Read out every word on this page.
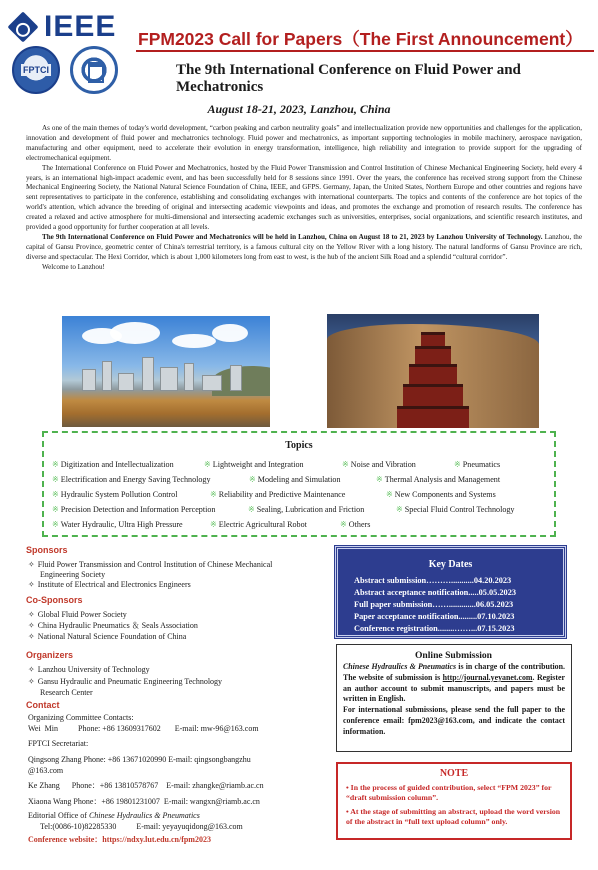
IEEE
FPTCI
FPM2023 Call for Papers（The First Announcement）
The 9th International Conference on Fluid Power and Mechatronics
August 18-21, 2023, Lanzhou, China

As one of the main themes of today's world development, “carbon peaking and carbon neutrality goals” and intellectualization provide new opportunities and challenges for the application, innovation and development of fluid power and mechatronics technology. Fluid power and mechatronics, as important supporting technologies in mobile machinery, aerospace navigation, manufacturing and other equipment, need to accelerate their evolution in energy transformation, intelligence, high reliability and integration to provide support for the upgrading of electromechanical equipment.

The International Conference on Fluid Power and Mechatronics, hosted by the Fluid Power Transmission and Control Institution of Chinese Mechanical Engineering Society, held every 4 years, is an international high-impact academic event, and has been successfully held for 8 sessions since 1991. Over the years, the conference has received strong support from the Chinese Mechanical Engineering Society, the National Natural Science Foundation of China, IEEE, and GFPS. Germany, Japan, the United States, Northern Europe and other countries and regions have sent representatives to participate in the conference, establishing and consolidating exchanges with international counterparts. The topics and contents of the conference are hot topics of the world's attention, which advance the breeding of original and intersecting academic viewpoints and ideas, and promotes the exchange and promotion of research results. The conference has created a relaxed and active atmosphere for multi-dimensional and intersecting academic exchanges such as universities, enterprises, social organizations, and scientific research institutes, and provided a good opportunity for further cooperation at all levels.

The 9th International Conference on Fluid Power and Mechatronics will be held in Lanzhou, China on August 18 to 21, 2023 by Lanzhou University of Technology. Lanzhou, the capital of Gansu Province, geometric center of China's terrestrial territory, is a famous cultural city on the Yellow River with a long history. The natural landforms of Gansu Province are rich, diverse and spectacular. The Hexi Corridor, which is about 1,000 kilometers long from east to west, is the hub of the ancient Silk Road and a splendid “cultural corridor”.

Welcome to Lanzhou!

Topics
※ Digitization and Intellectualization	※ Lightweight and Integration	※ Noise and Vibration	※ Pneumatics
※ Electrification and Energy Saving Technology	※ Modeling and Simulation	※ Thermal Analysis and Management
※ Hydraulic System Pollution Control	※ Reliability and Predictive Maintenance	※ New Components and Systems
※ Precision Detection and Information Perception	※ Sealing, Lubrication and Friction	※ Special Fluid Control Technology
※ Water Hydraulic, Ultra High Pressure	※ Electric Agricultural Robot	※ Others
Sponsors
✧ Fluid Power Transmission and Control Institution of Chinese Mechanical
Engineering Society
✧ Institute of Electrical and Electronics Engineers
Co-Sponsors
✧ Global Fluid Power Society
✧ China Hydraulic Pneumatics ＆ Seals Association
✧ National Natural Science Foundation of China
Organizers
✧ Lanzhou University of Technology
✧ Gansu Hydraulic and Pneumatic Engineering Technology
Research Center
Contact
Organizing Committee Contacts:
Wei  Min          Phone: +86 13609317602       E-mail: mw-96@163.com
FPTCI Secretariat:
Qingsong Zhang Phone: +86 13671020990 E-mail: qingsongbangzhu
@163.com
Ke Zhang      Phone：+86 13810578767    E-mail: zhangke@riamb.ac.cn
Xiaona Wang Phone：+86 19801231007  E-mail: wangxn@riamb.ac.cn
Editorial Office of Chinese Hydraulics & Pneumatics
Tel:(0086-10)82285330          E-mail: yeyayuqidong@163.com
Conference website：https://ndxy.lut.edu.cn/fpm2023
Key Dates
Abstract submission………...........04.20.2023
Abstract acceptance notification.....05.05.2023
Full paper submission…….............06.05.2023
Paper acceptance notification.........07.10.2023
Conference registration........……...07.15.2023
Online Submission
Chinese Hydraulics & Pneumatics is in charge of the contribution. The website of submission is http://journal.yeyanet.com. Register an author account to submit manuscripts, and papers must be written in English.
For international submissions, please send the full paper to the conference email: fpm2023@163.com, and indicate the contact information.
NOTE
• In the process of guided contribution, select “FPM 2023” for “draft submission column”.
• At the stage of submitting an abstract, upload the word version of the abstract in “full text upload column” only.
